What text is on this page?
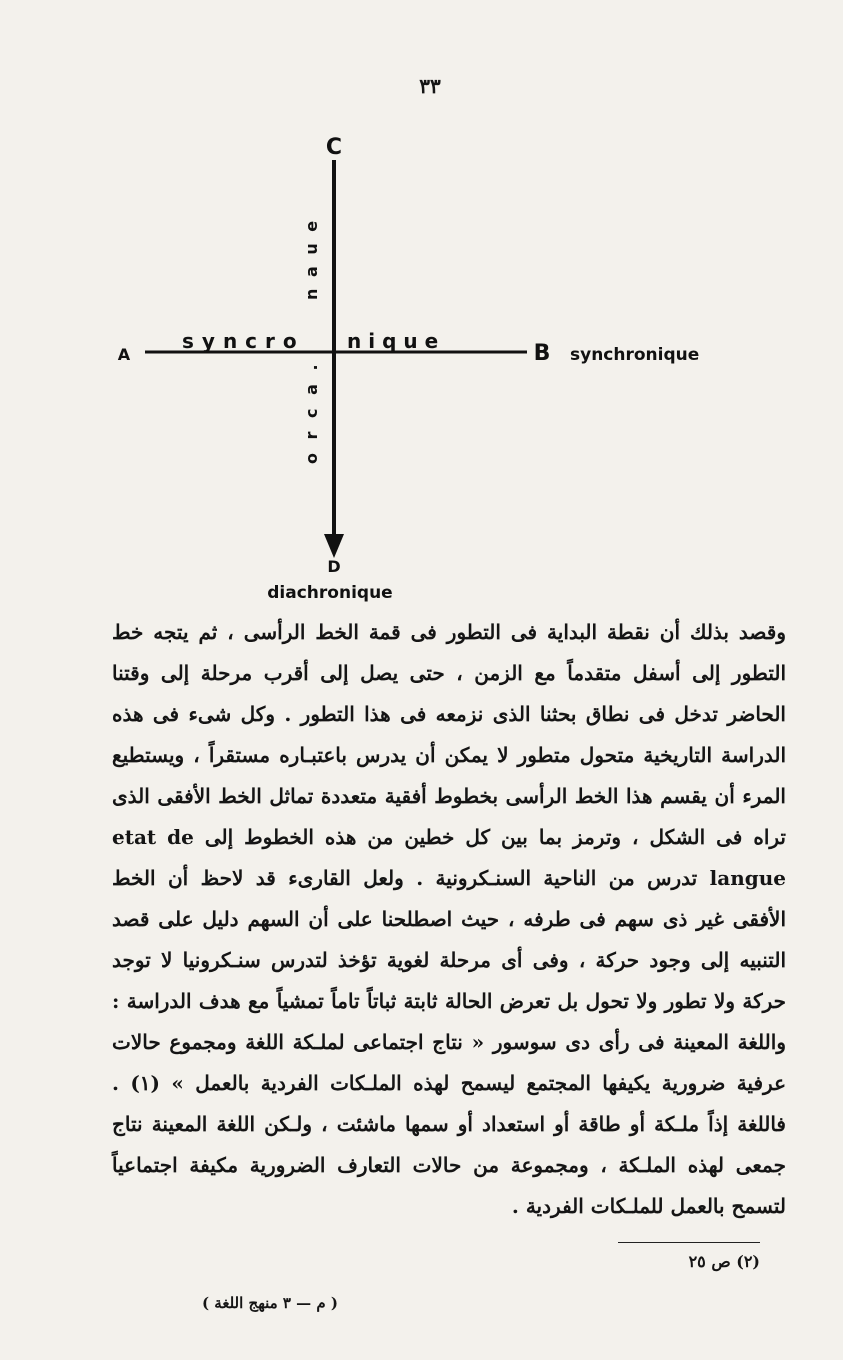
٣٣
C
D
A	B
syncro nique
n a u e
o r c a .
synchronique
diachronique

وقصد بذلك أن نقطة البداية فى التطور فى قمة الخط الرأسى ، ثم يتجه خط التطور إلى أسفل متقدماً مع الزمن ، حتى يصل إلى أقرب مرحلة إلى وقتنا الحاضر تدخل فى نطاق بحثنا الذى نزمعه فى هذا التطور . وكل شىء فى هذه الدراسة التاريخية متحول متطور لا يمكن أن يدرس باعتبـاره مستقراً ، ويستطيع المرء أن يقسم هذا الخط الرأسى بخطوط أفقية متعددة تماثل الخط الأفقى الذى تراه فى الشكل ، وترمز بما بين كل خطين من هذه الخطوط إلى etat de langue تدرس من الناحية السنـكرونية . ولعل القارىء قد لاحظ أن الخط الأفقى غير ذى سهم فى طرفه ، حيث اصطلحنا على أن السهم دليل على قصد التنبيه إلى وجود حركة ، وفى أى مرحلة لغوية تؤخذ لتدرس سنـكرونيا لا توجد حركة ولا تطور ولا تحول بل تعرض الحالة ثابتة ثباتاً تاماً تمشياً مع هدف الدراسة : واللغة المعينة فى رأى دى سوسور « نتاج اجتماعى لملـكة اللغة ومجموع حالات عرفية ضرورية يكيفها المجتمع ليسمح لهذه الملـكات الفردية بالعمل » (١) . فاللغة إذاً ملـكة أو طاقة أو استعداد أو سمها ماشئت ، ولـكن اللغة المعينة نتاج جمعى لهذه الملـكة ، ومجموعة من حالات التعارف الضرورية مكيفة اجتماعياً لتسمح بالعمل للملـكات الفردية .

(٢) ص ٢٥
( م — ٣ منهج اللغة )
